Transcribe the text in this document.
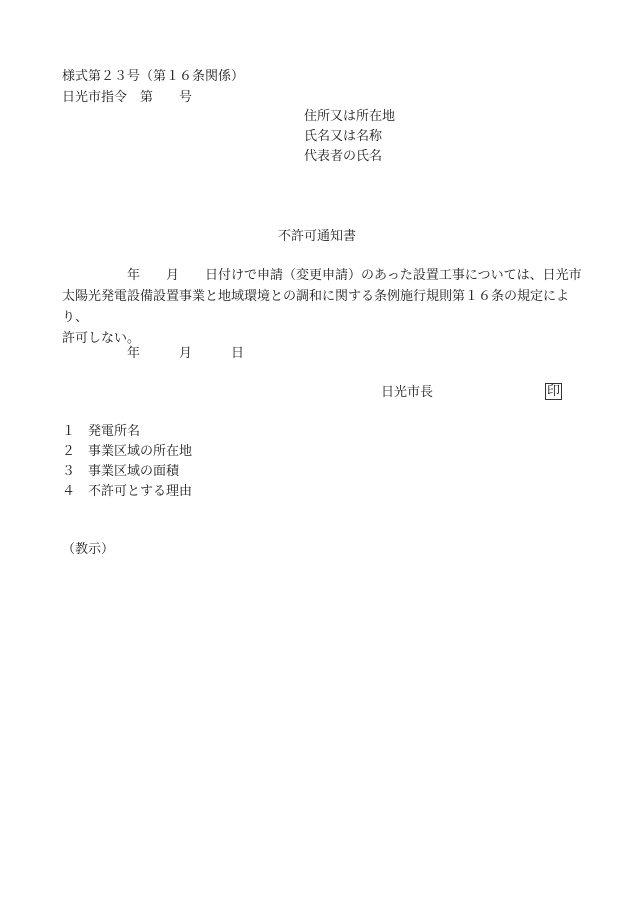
様式第２３号（第１６条関係）
日光市指令　第　　号
住所又は所在地
氏名又は名称
代表者の氏名
不許可通知書
　　　　　年　　月　　日付けで申請（変更申請）のあった設置工事については、日光市
太陽光発電設備設置事業と地域環境との調和に関する条例施行規則第１６条の規定により、
許可しない。
　　　　　年　　　月　　　日
日光市長	印
１　発電所名
２　事業区域の所在地
３　事業区域の面積
４　不許可とする理由
（教示）
